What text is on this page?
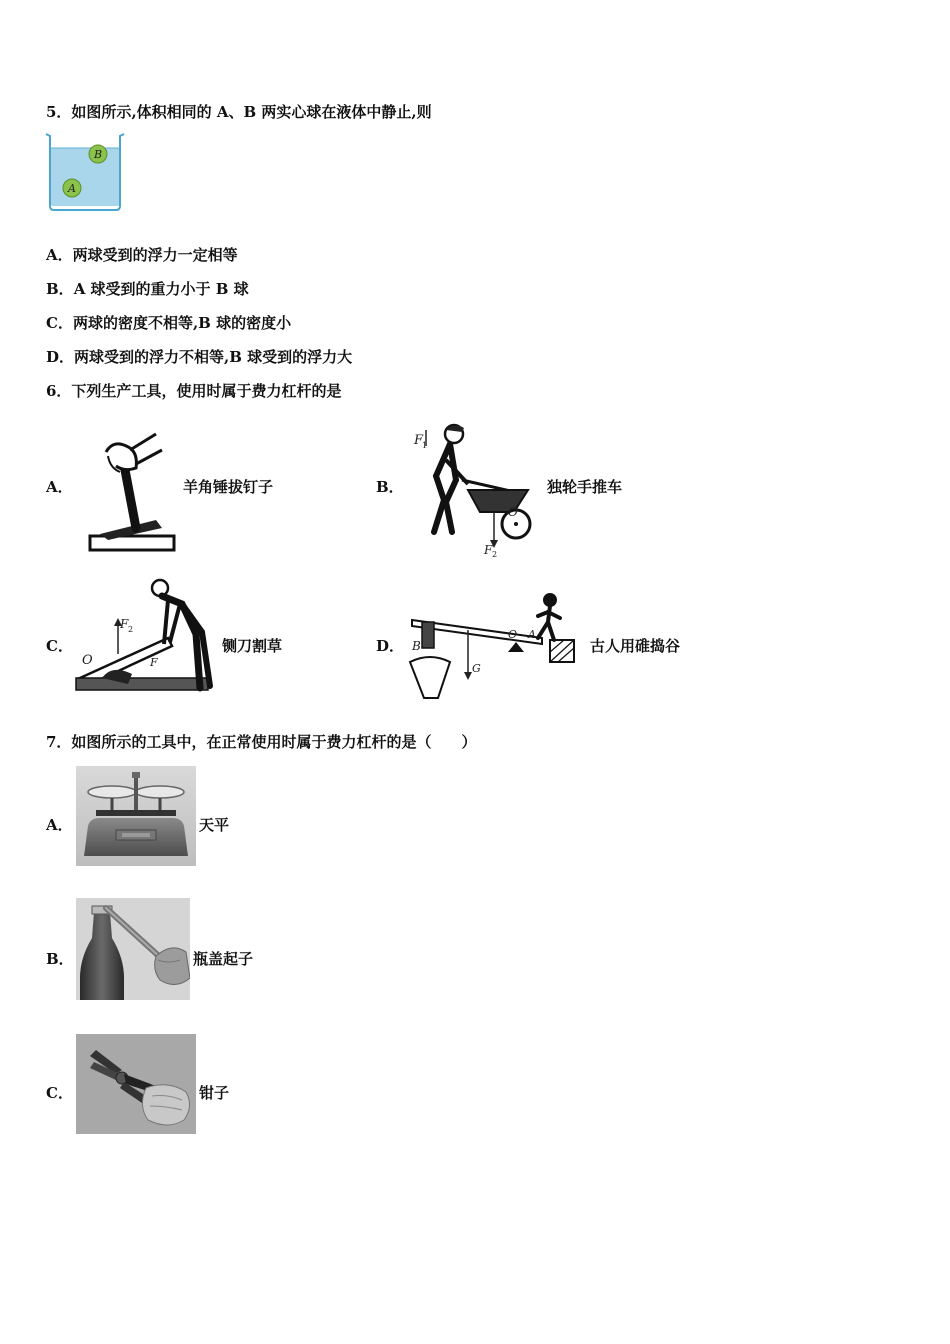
5．如图所示,体积相同的 A、B 两实心球在液体中静止,则
B
A
A．两球受到的浮力一定相等
B．A 球受到的重力小于 B 球
C．两球的密度不相等,B 球的密度小
D．两球受到的浮力不相等,B 球受到的浮力大
6．下列生产工具，使用时属于费力杠杆的是
A．	羊角锤拔钉子	B．
F
1
O
F 2
独轮手推车
C．
F 2
O	F
铡刀割草	D． B
G
O A
古人用碓捣谷
7．如图所示的工具中，在正常使用时属于费力杠杆的是（　　）
A．	天平
B．	瓶盖起子
C．	钳子
